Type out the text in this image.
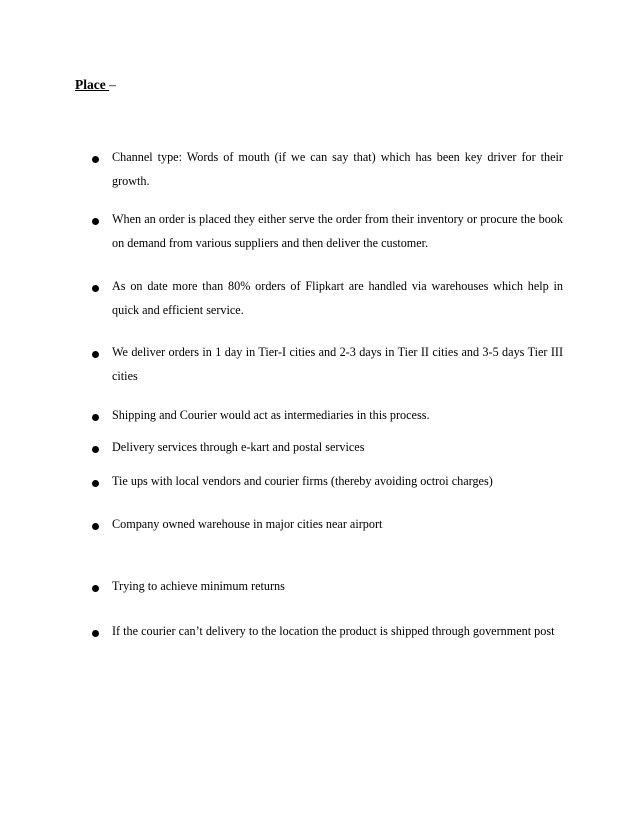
Place –
Channel type: Words of mouth (if we can say that) which has been key driver for their growth.
When an order is placed they either serve the order from their inventory or procure the book on demand from various suppliers and then deliver the customer.
As on date more than 80% orders of Flipkart are handled via warehouses which help in quick and efficient service.
We deliver orders in 1 day in Tier-I cities and 2-3 days in Tier II cities and 3-5 days Tier III cities
Shipping and Courier would act as intermediaries in this process.
Delivery services through e-kart and postal services
Tie ups with local vendors and courier firms (thereby avoiding octroi charges)
Company owned warehouse in major cities near airport
Trying to achieve minimum returns
If the courier can’t delivery to the location the product is shipped through government post
